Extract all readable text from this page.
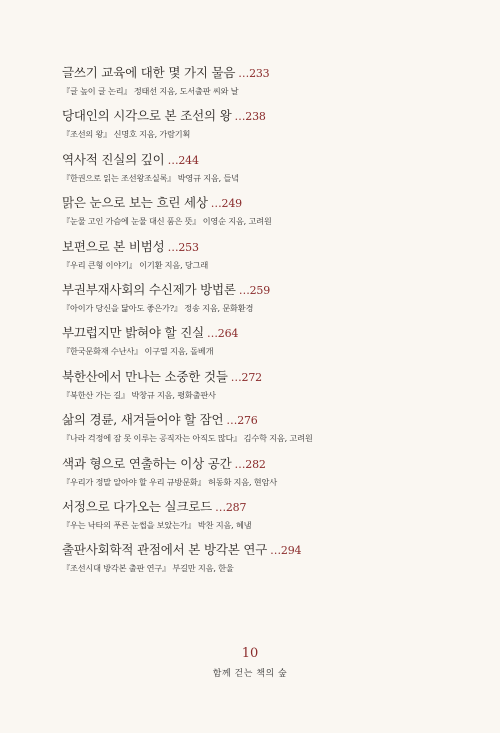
글쓰기 교육에 대한 몇 가지 물음 …233
『글 높이 글 논리』 정태선 지음, 도서출판 씨와 날
당대인의 시각으로 본 조선의 왕 …238
『조선의 왕』 신명호 지음, 가람기획
역사적 진실의 깊이 …244
『한권으로 읽는 조선왕조실록』 박영규 지음, 들녘
맑은 눈으로 보는 흐린 세상 …249
『눈물 고인 가슴에 눈물 대신 품은 뜻』 이영순 지음, 고려원
보편으로 본 비범성 …253
『우리 큰형 이야기』 이기환 지음, 당그래
부권부재사회의 수신제가 방법론 …259
『아이가 당신을 닮아도 좋은가?』 정송 지음, 문화환경
부끄럽지만 밝혀야 할 진실 …264
『한국문화재 수난사』 이구열 지음, 돌베개
북한산에서 만나는 소중한 것들 …272
『북한산 가는 길』 박창규 지음, 평화출판사
삶의 경륜, 새겨들어야 할 잠언 …276
『나라 걱정에 잠 못 이루는 공직자는 아직도 많다』 김수학 지음, 고려원
색과 형으로 연출하는 이상 공간 …282
『우리가 정말 알아야 할 우리 규방문화』 허동화 지음, 현암사
서정으로 다가오는 실크로드 …287
『우는 낙타의 푸른 눈썹을 보았는가』 박찬 지음, 혜냄
출판사회학적 관점에서 본 방각본 연구 …294
『조선시대 방각본 출판 연구』 부길만 지음, 한울
10
함께 걷는 책의 숲
